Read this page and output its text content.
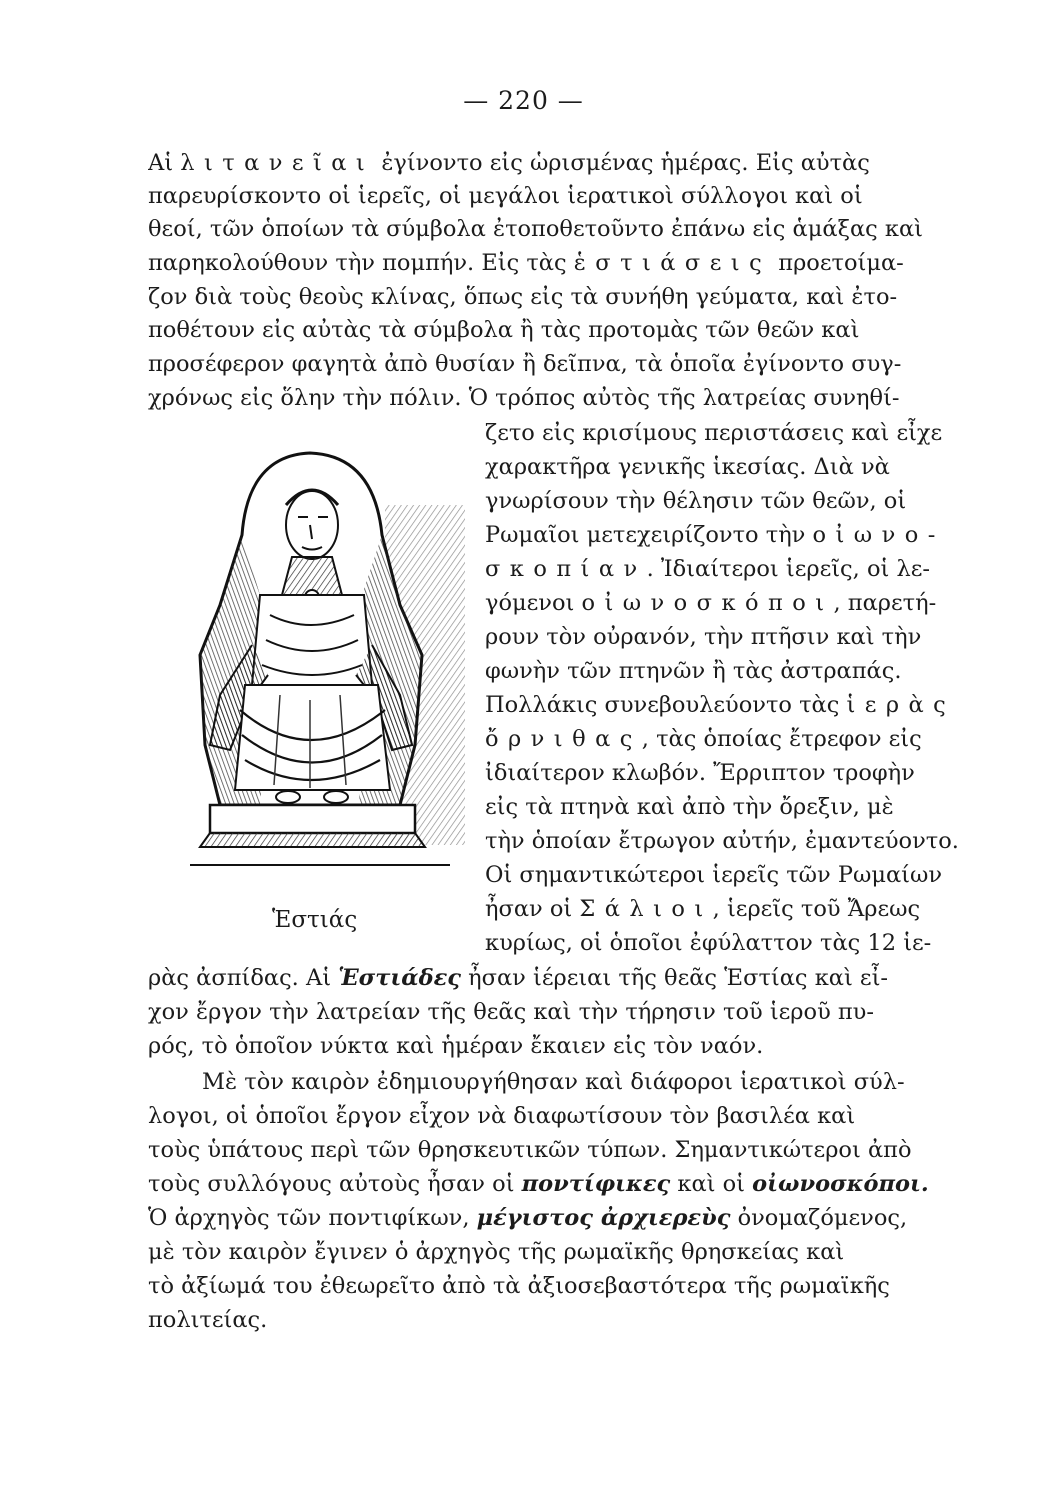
— 220 —
Αἱ λιτανεῖαι ἐγίνοντο εἰς ὡρισμένας ἡμέρας. Εἰς αὐτὰς
παρευρίσκοντο οἱ ἱερεῖς, οἱ μεγάλοι ἱερατικοὶ σύλλογοι καὶ οἱ
θεοί, τῶν ὁποίων τὰ σύμβολα ἐτοποθετοῦντο ἐπάνω εἰς ἁμάξας καὶ
παρηκολούθουν τὴν πομπήν. Εἰς τὰς ἑστιάσεις προετοίμα-
ζον διὰ τοὺς θεοὺς κλίνας, ὅπως εἰς τὰ συνήθη γεύματα, καὶ ἐτο-
ποθέτουν εἰς αὐτὰς τὰ σύμβολα ἢ τὰς προτομὰς τῶν θεῶν καὶ
προσέφερον φαγητὰ ἀπὸ θυσίαν ἢ δεῖπνα, τὰ ὁποῖα ἐγίνοντο συγ-
χρόνως εἰς ὅλην τὴν πόλιν. Ὁ τρόπος αὐτὸς τῆς λατρείας συνηθί-
ζετο εἰς κρισίμους περιστάσεις καὶ εἶχε
χαρακτῆρα γενικῆς ἱκεσίας. Διὰ νὰ
γνωρίσουν τὴν θέλησιν τῶν θεῶν, οἱ
Ρωμαῖοι μετεχειρίζοντο τὴν οἰωνο-
σκοπίαν. Ἰδιαίτεροι ἱερεῖς, οἱ λε-
γόμενοι οἰωνοσκόποι, παρετή-
ρουν τὸν οὐρανόν, τὴν πτῆσιν καὶ τὴν
φωνὴν τῶν πτηνῶν ἢ τὰς ἀστραπάς.
Πολλάκις συνεβουλεύοντο τὰς ἱερὰς
ὄρνιθας, τὰς ὁποίας ἔτρεφον εἰς
ἰδιαίτερον κλωβόν. Ἔρριπτον τροφὴν
εἰς τὰ πτηνὰ καὶ ἀπὸ τὴν ὄρεξιν, μὲ
τὴν ὁποίαν ἔτρωγον αὐτήν, ἐμαντεύοντο.
Οἱ σημαντικώτεροι ἱερεῖς τῶν Ρωμαίων
ἦσαν οἱ Σάλιοι, ἱερεῖς τοῦ Ἄρεως
κυρίως, οἱ ὁποῖοι ἐφύλαττον τὰς 12 ἱε-
ρὰς ἀσπίδας. Αἱ Ἑστιάδες ἦσαν ἱέρειαι τῆς θεᾶς Ἑστίας καὶ εἶ-
χον ἔργον τὴν λατρείαν τῆς θεᾶς καὶ τὴν τήρησιν τοῦ ἱεροῦ πυ-
ρός, τὸ ὁποῖον νύκτα καὶ ἡμέραν ἔκαιεν εἰς τὸν ναόν.
Μὲ τὸν καιρὸν ἐδημιουργήθησαν καὶ διάφοροι ἱερατικοὶ σύλ-
λογοι, οἱ ὁποῖοι ἔργον εἶχον νὰ διαφωτίσουν τὸν βασιλέα καὶ
τοὺς ὑπάτους περὶ τῶν θρησκευτικῶν τύπων. Σημαντικώτεροι ἀπὸ
τοὺς συλλόγους αὐτοὺς ἦσαν οἱ ποντίφικες καὶ οἱ οἰωνοσκόποι.
Ὁ ἀρχηγὸς τῶν ποντιφίκων, μέγιστος ἀρχιερεὺς ὀνομαζόμενος,
μὲ τὸν καιρὸν ἔγινεν ὁ ἀρχηγὸς τῆς ρωμαϊκῆς θρησκείας καὶ
τὸ ἀξίωμά του ἐθεωρεῖτο ἀπὸ τὰ ἀξιοσεβαστότερα τῆς ρωμαϊκῆς
πολιτείας.
Ἑστιάς
